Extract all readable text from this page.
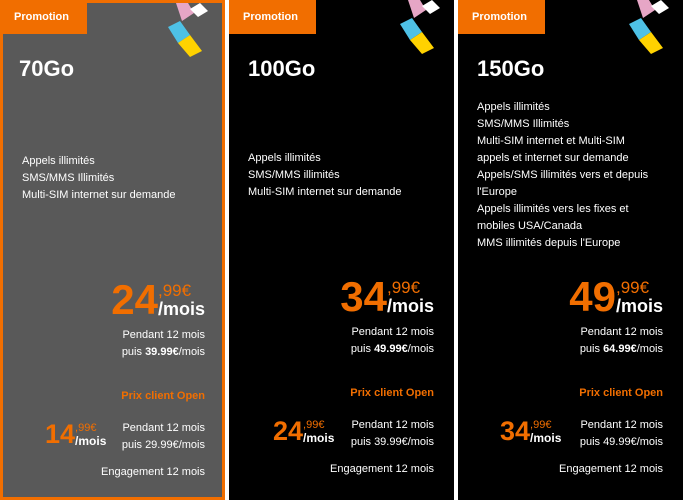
Promotion
70Go
Appels illimités
SMS/MMS Illimités
Multi-SIM internet sur demande
24 ,99€
/mois
Pendant 12 mois
puis 39.99€/mois
Prix client Open
14 ,99€
/mois
Pendant 12 mois
puis 29.99€/mois
Engagement 12 mois
Promotion
100Go
Appels illimités
SMS/MMS illimités
Multi-SIM internet sur demande
34 ,99€
/mois
Pendant 12 mois
puis 49.99€/mois
Prix client Open
24 ,99€
/mois
Pendant 12 mois
puis 39.99€/mois
Engagement 12 mois
Promotion
150Go
Appels illimités
SMS/MMS Illimités
Multi-SIM internet et Multi-SIM
appels et internet sur demande
Appels/SMS illimités vers et depuis
l'Europe
Appels illimités vers les fixes et
mobiles USA/Canada
MMS illimités depuis l'Europe
49 ,99€
/mois
Pendant 12 mois
puis 64.99€/mois
Prix client Open
34 ,99€
/mois
Pendant 12 mois
puis 49.99€/mois
Engagement 12 mois
